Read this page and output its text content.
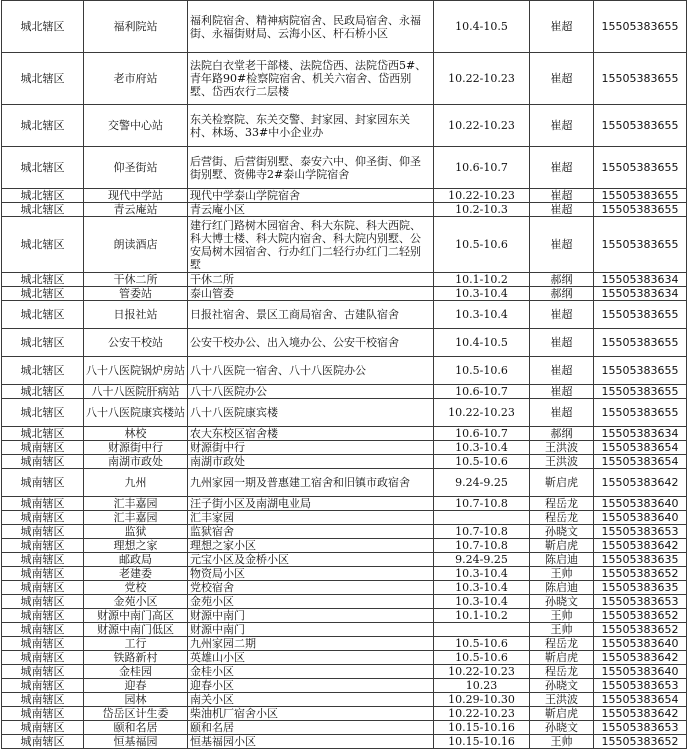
城北辖区	福利院站	福利院宿舍、精神病院宿舍、民政局宿舍、永福街、永福街财局、云海小区、杆石桥小区	10.4-10.5	崔超	15505383655
城北辖区	老市府站	法院白衣堂老干部楼、法院岱西、法院岱西5#、青年路90#检察院宿舍、机关六宿舍、岱西别墅、岱西农行二层楼	10.22-10.23	崔超	15505383655
城北辖区	交警中心站	东关检察院、东关交警、封家园、封家园东关村、林场、33#中小企业办	10.22-10.23	崔超	15505383655
城北辖区	仰圣街站	后营街、后营街别墅、泰安六中、仰圣街、仰圣街别墅、资佛寺2#泰山学院宿舍	10.6-10.7	崔超	15505383655
城北辖区	现代中学站	现代中学泰山学院宿舍	10.22-10.23	崔超	15505383655
城北辖区	青云庵站	青云庵小区	10.2-10.3	崔超	15505383655
城北辖区	朗读酒店	建行红门路树木园宿舍、科大东院、科大西院、科大博士楼、科大院内宿舍、科大院内别墅、公安局树木园宿舍、行办红门二轻行办红门二轻别墅	10.5-10.6	崔超	15505383655
城北辖区	干休二所	干休二所	10.1-10.2	郝纲	15505383634
城北辖区	管委站	泰山管委	10.3-10.4	郝纲	15505383634
城北辖区	日报社站	日报社宿舍、景区工商局宿舍、古建队宿舍	10.3-10.4	崔超	15505383655
城北辖区	公安干校站	公安干校办公、出入境办公、公安干校宿舍	10.4-10.5	崔超	15505383655
城北辖区	八十八医院锅炉房站	八十八医院一宿舍、八十八医院办公	10.5-10.6	崔超	15505383655
城北辖区	八十八医院肝病站	八十八医院办公	10.6-10.7	崔超	15505383655
城北辖区	八十八医院康宾楼站	八十八医院康宾楼	10.22-10.23	崔超	15505383655
城北辖区	林校	农大东校区宿舍楼	10.6-10.7	郝纲	15505383634
城南辖区	财源街中行	财源街中行	10.3-10.4	王洪波	15505383654
城南辖区	南湖市政处	南湖市政处	10.5-10.6	王洪波	15505383654
城南辖区	九州	九州家园一期及普惠建工宿舍和旧镇市政宿舍	9.24-9.25	靳启虎	15505383642
城南辖区	汇丰嘉园	汪子街小区及南湖电业局	10.7-10.8	程岳龙	15505383640
城南辖区	汇丰嘉园	汇丰家园		程岳龙	15505383640
城南辖区	监狱	监狱宿舍	10.7-10.8	孙晓文	15505383653
城南辖区	理想之家	理想之家小区	10.7-10.8	靳启虎	15505383642
城南辖区	邮政局	元宝小区及金桥小区	9.24-9.25	陈启迪	15505383635
城南辖区	老建委	物资局小区	10.3-10.4	王帅	15505383652
城南辖区	党校	党校宿舍	10.3-10.4	陈启迪	15505383635
城南辖区	金苑小区	金苑小区	10.3-10.4	孙晓文	15505383653
城南辖区	财源中南门高区	财源中南门	10.1-10.2	王帅	15505383652
城南辖区	财源中南门低区	财源中南门		王帅	15505383652
城南辖区	工行	九州家园二期	10.5-10.6	程岳龙	15505383640
城南辖区	铁路新村	英雄山小区	10.5-10.6	靳启虎	15505383642
城南辖区	金桂园	金桂小区	10.22-10.23	程岳龙	15505383640
城南辖区	迎春	迎春小区	10.23	孙晓文	15505383653
城南辖区	园林	南关小区	10.29-10.30	王洪波	15505383654
城南辖区	岱岳区计生委	柴油机厂宿舍小区	10.22-10.23	靳启虎	15505383642
城南辖区	颐和名居	颐和名居	10.15-10.16	孙晓文	15505383653
城南辖区	恒基福园	恒基福园小区	10.15-10.16	王帅	15505383652
